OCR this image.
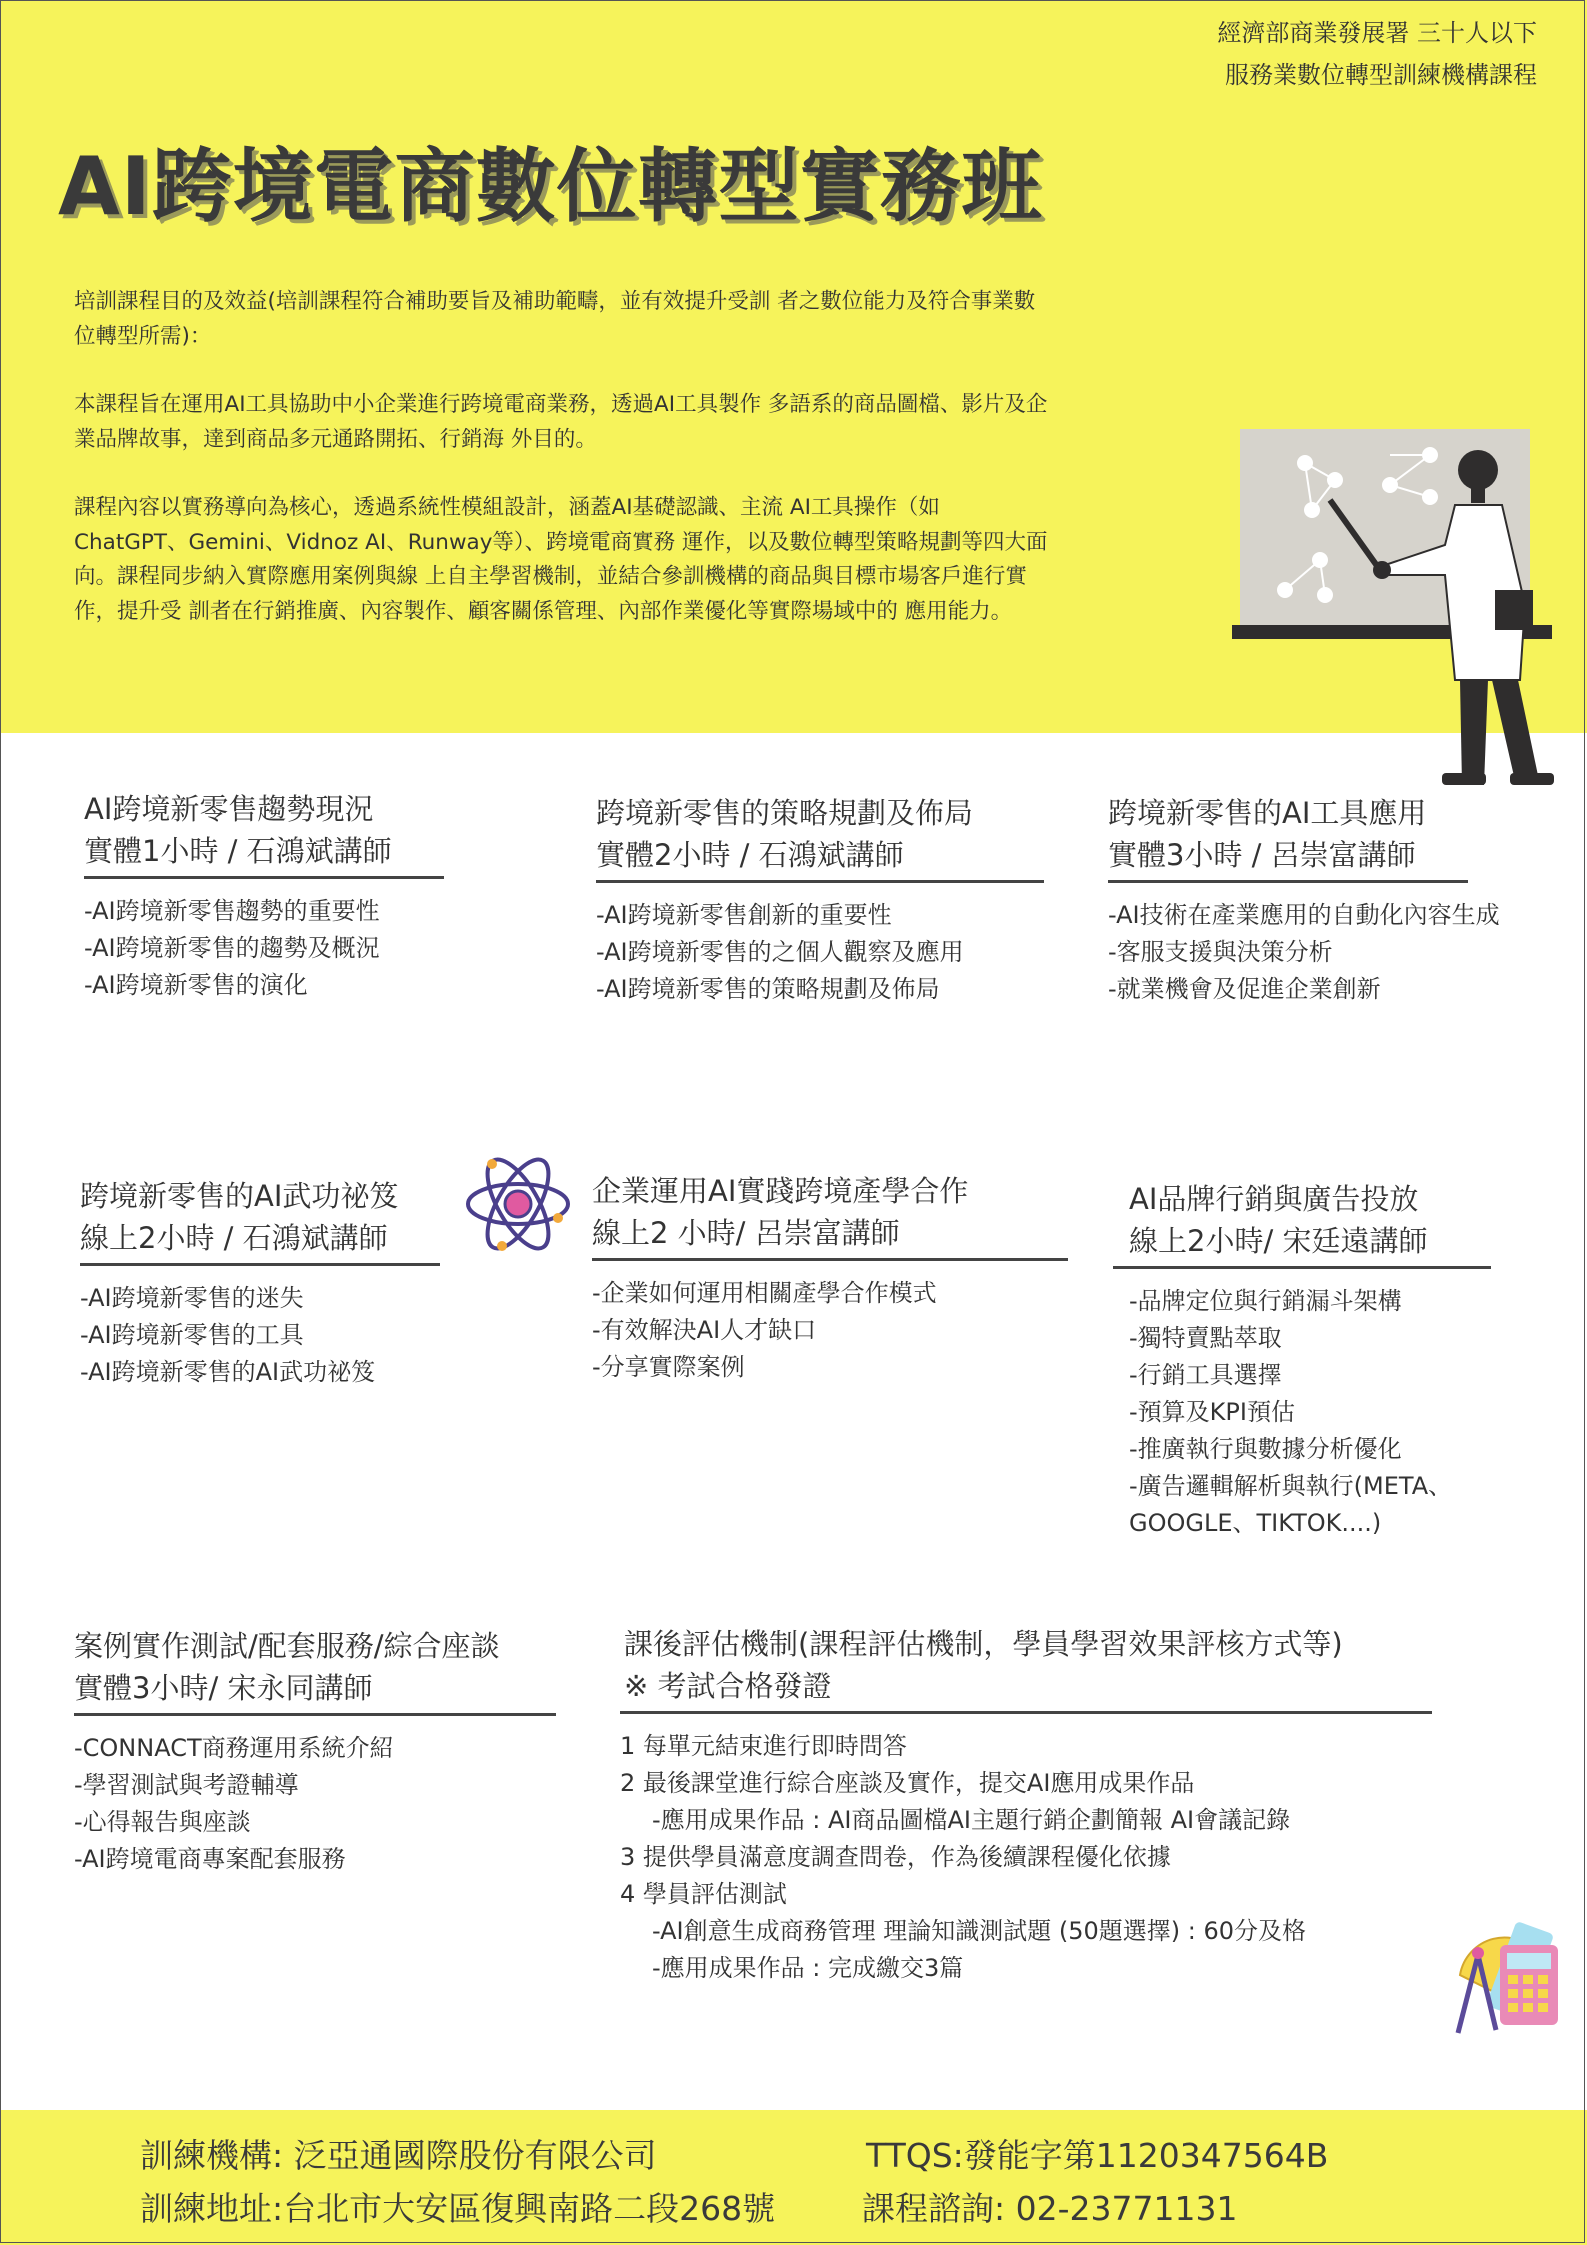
經濟部商業發展署 三十人以下
服務業數位轉型訓練機構課程
AI跨境電商數位轉型實務班

培訓課程目的及效益(培訓課程符合補助要旨及補助範疇，並有效提升受訓 者之數位能力及符合事業數位轉型所需)：

本課程旨在運用AI工具協助中小企業進行跨境電商業務，透過AI工具製作 多語系的商品圖檔、影片及企業品牌故事，達到商品多元通路開拓、行銷海 外目的。

課程內容以實務導向為核心，透過系統性模組設計，涵蓋AI基礎認識、主流 AI工具操作（如ChatGPT、Gemini、Vidnoz AI、Runway等）、跨境電商實務 運作，以及數位轉型策略規劃等四大面向。課程同步納入實際應用案例與線 上自主學習機制，並結合參訓機構的商品與目標市場客戶進行實作，提升受 訓者在行銷推廣、內容製作、顧客關係管理、內部作業優化等實際場域中的 應用能力。

AI跨境新零售趨勢現況
實體1小時 / 石鴻斌講師
-AI跨境新零售趨勢的重要性
-AI跨境新零售的趨勢及概況
-AI跨境新零售的演化
跨境新零售的策略規劃及佈局
實體2小時 / 石鴻斌講師
-AI跨境新零售創新的重要性
-AI跨境新零售的之個人觀察及應用
-AI跨境新零售的策略規劃及佈局
跨境新零售的AI工具應用
實體3小時 / 呂崇富講師
-AI技術在產業應用的自動化內容生成
-客服支援與決策分析
-就業機會及促進企業創新
跨境新零售的AI武功祕笈
線上2小時 / 石鴻斌講師
-AI跨境新零售的迷失
-AI跨境新零售的工具
-AI跨境新零售的AI武功祕笈
企業運用AI實踐跨境產學合作
線上2 小時/ 呂崇富講師
-企業如何運用相關產學合作模式
-有效解決AI人才缺口
-分享實際案例
AI品牌行銷與廣告投放
線上2小時/ 宋廷遠講師
-品牌定位與行銷漏斗架構
-獨特賣點萃取
-行銷工具選擇
-預算及KPI預估
-推廣執行與數據分析優化
-廣告邏輯解析與執行(META、
GOOGLE、TIKTOK....)
案例實作測試/配套服務/綜合座談
實體3小時/ 宋永同講師
-CONNACT商務運用系統介紹
-學習測試與考證輔導
-心得報告與座談
-AI跨境電商專案配套服務
課後評估機制(課程評估機制，學員學習效果評核方式等)
※ 考試合格發證
1 每單元結束進行即時問答
2 最後課堂進行綜合座談及實作，提交AI應用成果作品
-應用成果作品 : AI商品圖檔AI主題行銷企劃簡報 AI會議記錄
3 提供學員滿意度調查問卷，作為後續課程優化依據
4 學員評估測試
-AI創意生成商務管理 理論知識測試題 (50題選擇) : 60分及格
-應用成果作品 : 完成繳交3篇
訓練機構: 泛亞通國際股份有限公司
訓練地址:台北市大安區復興南路二段268號
TTQS:發能字第1120347564B
課程諮詢: 02-23771131
